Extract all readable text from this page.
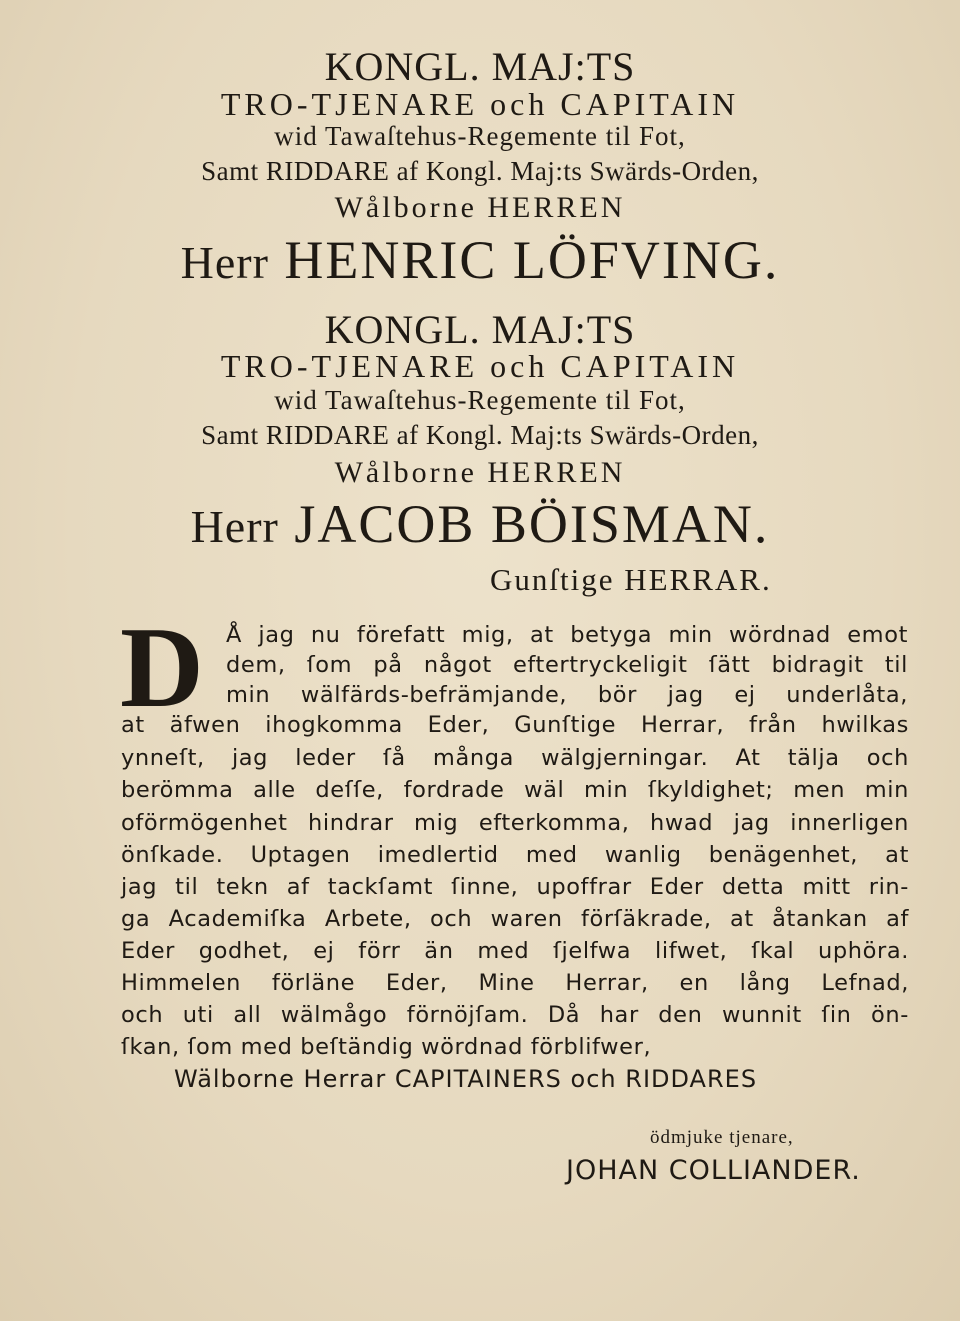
KONGL. MAJ:TS
TRO-TJENARE och CAPITAIN
wid Tawaſtehus-Regemente til Fot,
Samt RIDDARE af Kongl. Maj:ts Swärds-Orden,
Wålborne HERREN
Herr HENRIC LÖFVING.
KONGL. MAJ:TS
TRO-TJENARE och CAPITAIN
wid Tawaſtehus-Regemente til Fot,
Samt RIDDARE af Kongl. Maj:ts Swärds-Orden,
Wålborne HERREN
Herr JACOB BÖISMAN.
Gunſtige HERRAR.
D Å jag nu förefatt mig, at betyga min wördnad emot
dem, ſom på något eftertryckeligit ſätt bidragit til
min wälfärds-befrämjande, bör jag ej underlåta,
at äfwen ihogkomma Eder, Gunſtige Herrar, från hwilkas
ynneſt, jag leder ſå många wälgjerningar. At tälja och
berömma alle deſſe, fordrade wäl min ſkyldighet; men min
oförmögenhet hindrar mig efterkomma, hwad jag innerligen
önſkade. Uptagen imedlertid med wanlig benägenhet, at
jag til tekn af tackſamt ſinne, upoffrar Eder detta mitt rin-
ga Academiſka Arbete, och waren förſäkrade, at åtankan af
Eder godhet, ej förr än med ſjelfwa lifwet, ſkal uphöra.
Himmelen förläne Eder, Mine Herrar, en lång Lefnad,
och uti all wälmågo förnöjſam. Då har den wunnit ſin ön-
ſkan, ſom med beſtändig wördnad förblifwer,
Wälborne Herrar CAPITAINERS och RIDDARES
ödmjuke tjenare,
JOHAN COLLIANDER.
